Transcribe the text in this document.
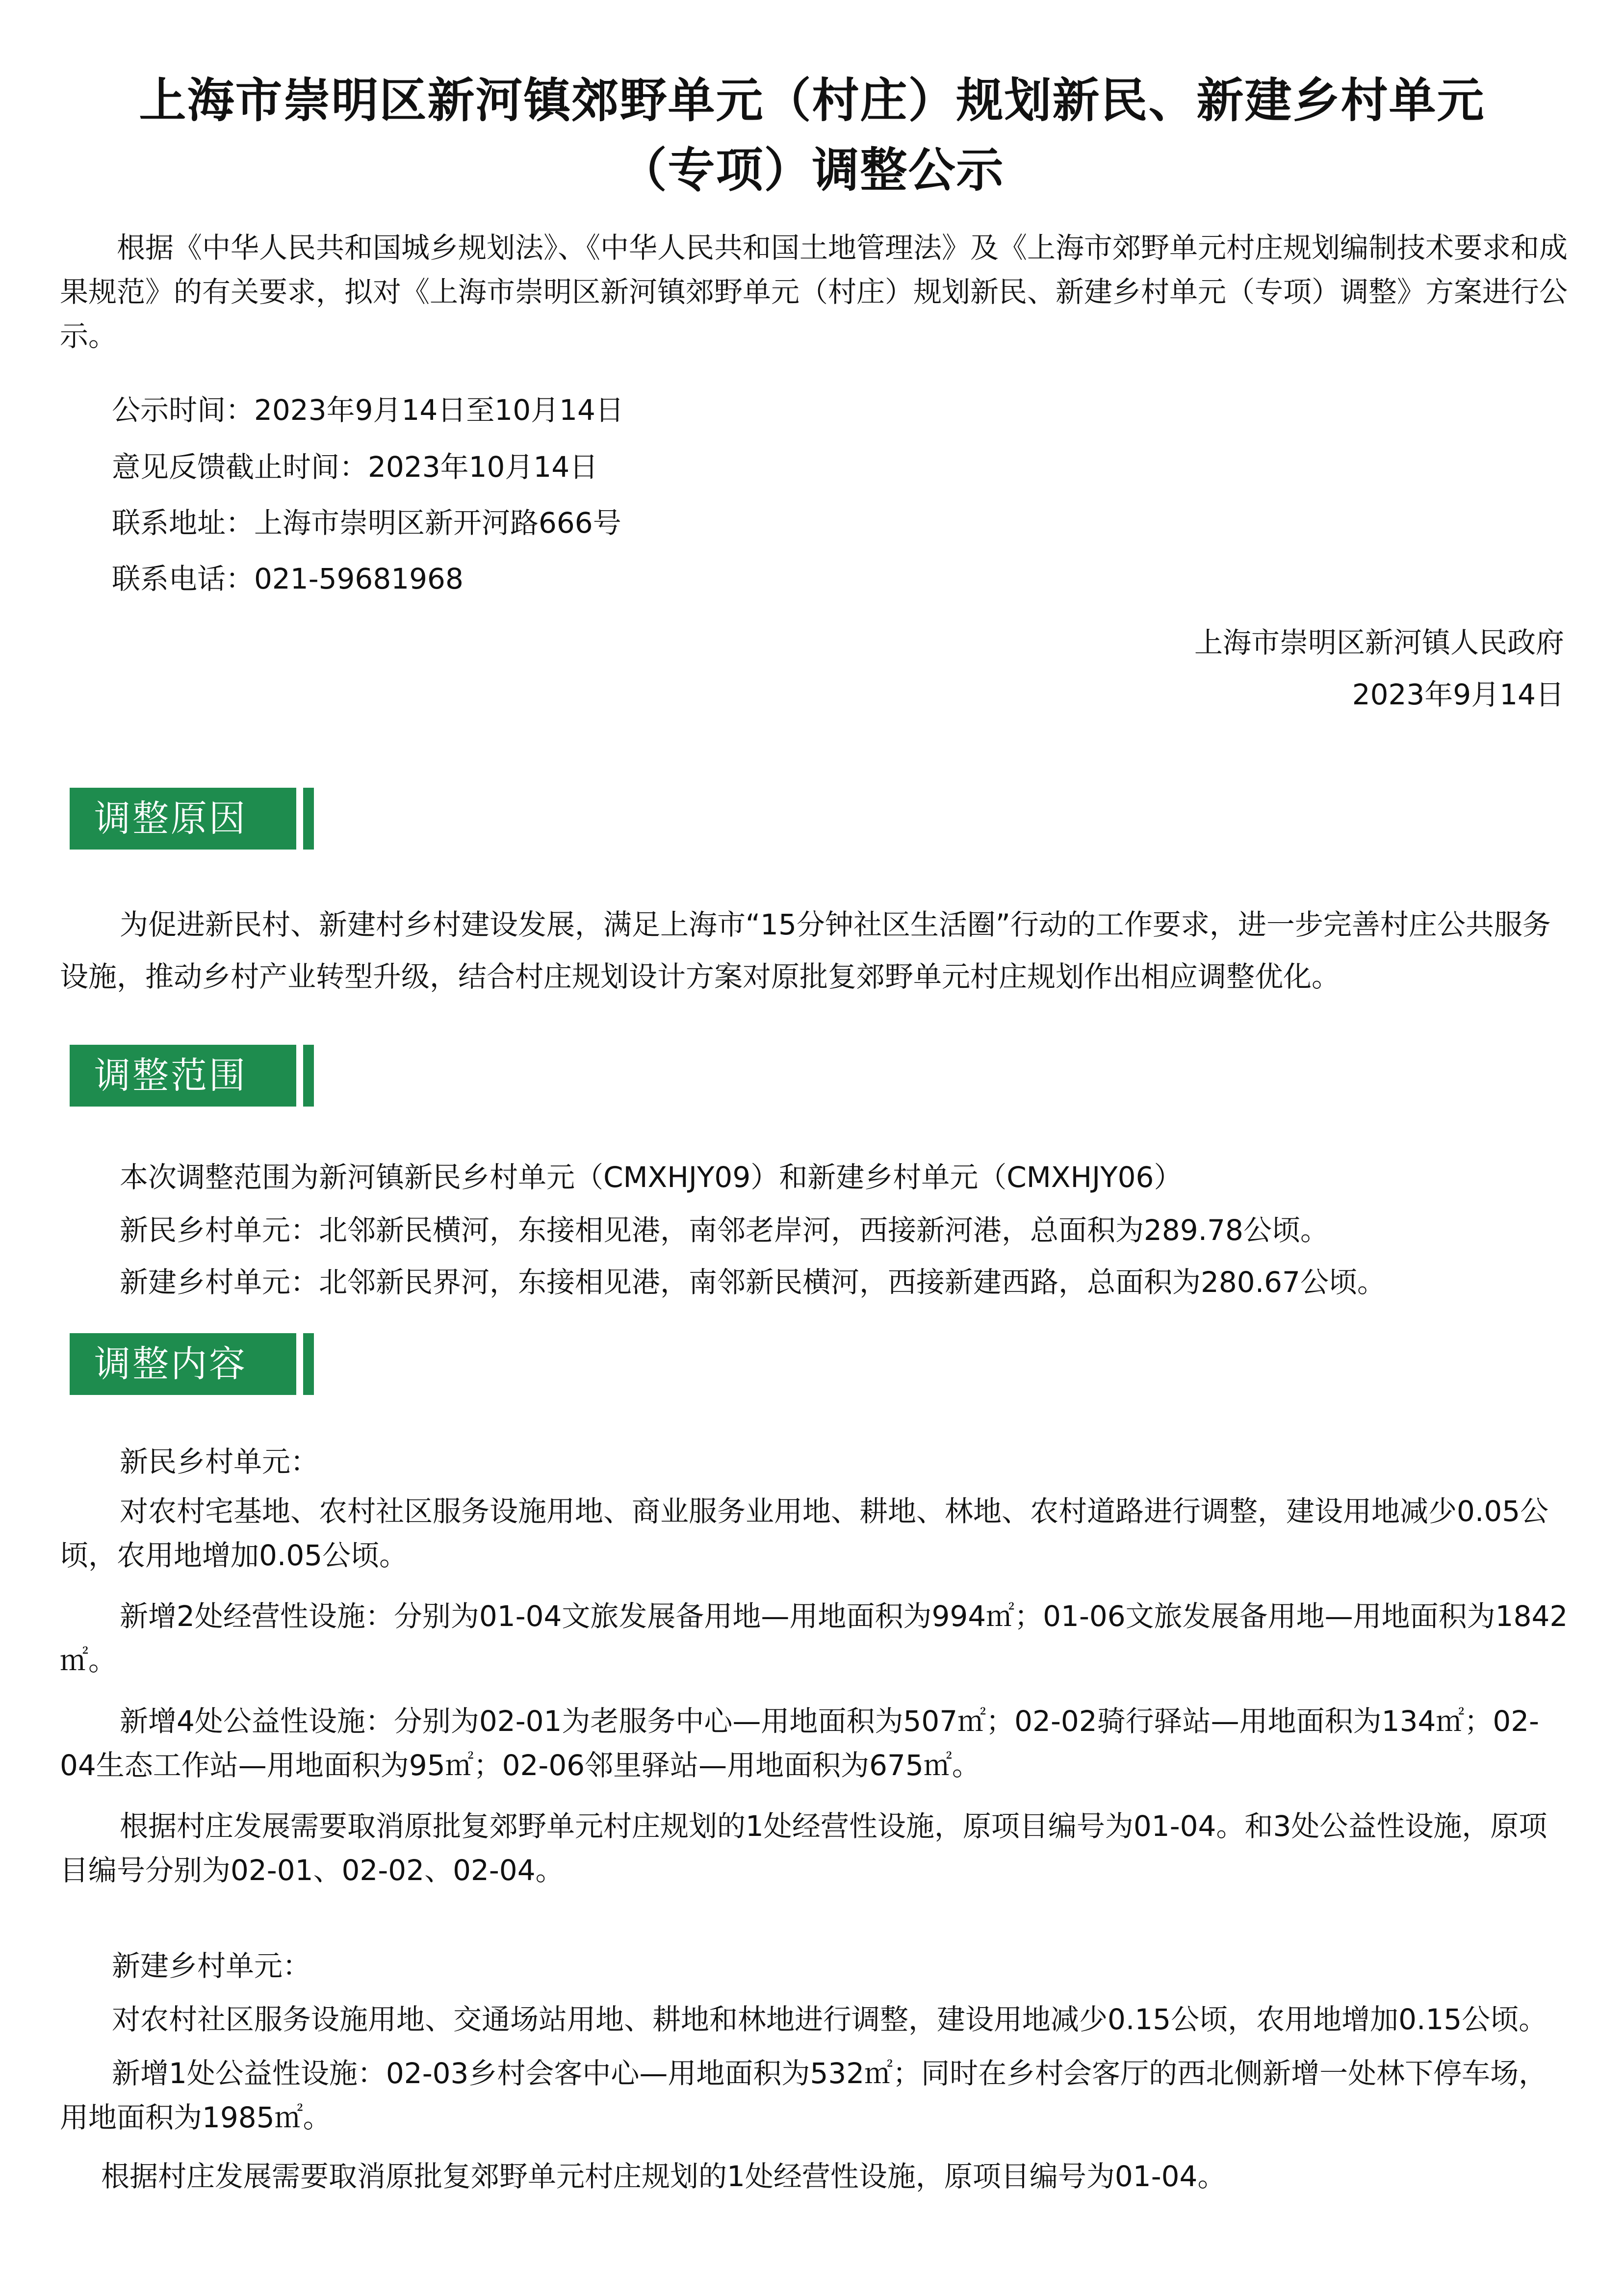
上海市崇明区新河镇郊野单元（村庄）规划新民、新建乡村单元
（专项）调整公示

根据《中华人民共和国城乡规划法》、《中华人民共和国土地管理法》及《上海市郊野单元村庄规划编制技术要求和成果规范》的有关要求，拟对《上海市崇明区新河镇郊野单元（村庄）规划新民、新建乡村单元（专项）调整》方案进行公示。

公示时间：2023年9月14日至10月14日

意见反馈截止时间：2023年10月14日

联系地址：上海市崇明区新开河路666号

联系电话：021-59681968

上海市崇明区新河镇人民政府
2023年9月14日
调整原因

为促进新民村、新建村乡村建设发展，满足上海市“15分钟社区生活圈”行动的工作要求，进一步完善村庄公共服务设施，推动乡村产业转型升级，结合村庄规划设计方案对原批复郊野单元村庄规划作出相应调整优化。

调整范围

本次调整范围为新河镇新民乡村单元（CMXHJY09）和新建乡村单元（CMXHJY06）

新民乡村单元：北邻新民横河，东接相见港，南邻老岸河，西接新河港，总面积为289.78公顷。

新建乡村单元：北邻新民界河，东接相见港，南邻新民横河，西接新建西路，总面积为280.67公顷。

调整内容

新民乡村单元：

对农村宅基地、农村社区服务设施用地、商业服务业用地、耕地、林地、农村道路进行调整，建设用地减少0.05公顷，农用地增加0.05公顷。

新增2处经营性设施：分别为01-04文旅发展备用地—用地面积为994㎡；01-06文旅发展备用地—用地面积为1842㎡。

新增4处公益性设施：分别为02-01为老服务中心—用地面积为507㎡；02-02骑行驿站—用地面积为134㎡；02-04生态工作站—用地面积为95㎡；02-06邻里驿站—用地面积为675㎡。

根据村庄发展需要取消原批复郊野单元村庄规划的1处经营性设施，原项目编号为01-04。和3处公益性设施，原项目编号分别为02-01、02-02、02-04。

新建乡村单元：

对农村社区服务设施用地、交通场站用地、耕地和林地进行调整，建设用地减少0.15公顷，农用地增加0.15公顷。

新增1处公益性设施：02-03乡村会客中心—用地面积为532㎡；同时在乡村会客厅的西北侧新增一处林下停车场，用地面积为1985㎡。

根据村庄发展需要取消原批复郊野单元村庄规划的1处经营性设施，原项目编号为01-04。
